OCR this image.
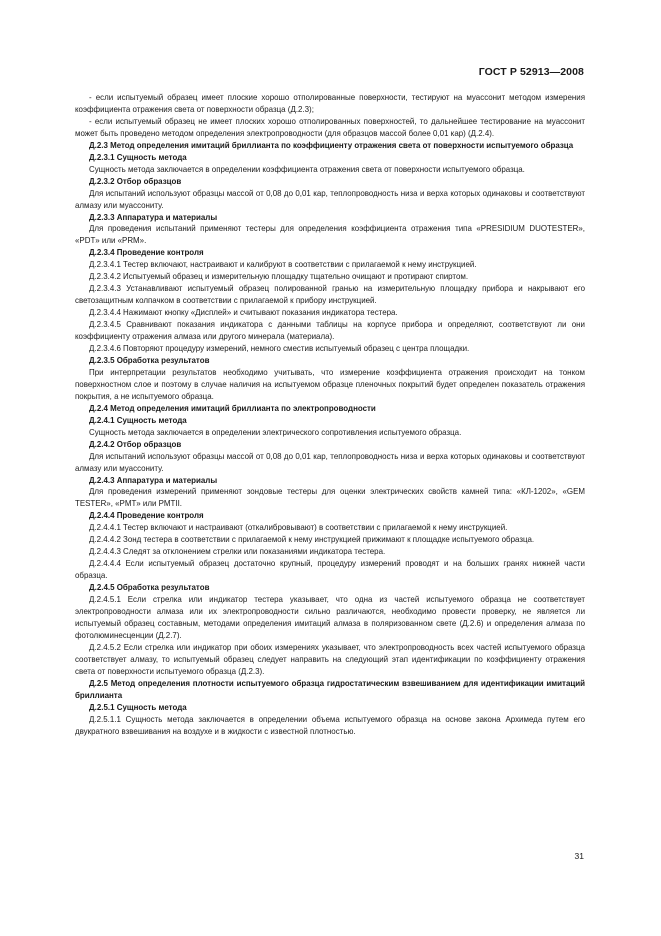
ГОСТ Р 52913—2008

- если испытуемый образец имеет плоские хорошо отполированные поверхности, тестируют на муассонит методом измерения коэффициента отражения света от поверхности образца (Д.2.3);

- если испытуемый образец не имеет плоских хорошо отполированных поверхностей, то дальнейшее тестирование на муассонит может быть проведено методом определения электропроводности (для образцов массой более 0,01 кар) (Д.2.4).

Д.2.3 Метод определения имитаций бриллианта по коэффициенту отражения света от поверхности испытуемого образца

Д.2.3.1 Сущность метода

Сущность метода заключается в определении коэффициента отражения света от поверхности испытуемого образца.

Д.2.3.2 Отбор образцов

Для испытаний используют образцы массой от 0,08 до 0,01 кар, теплопроводность низа и верха которых одинаковы и соответствуют алмазу или муассониту.

Д.2.3.3 Аппаратура и материалы

Для проведения испытаний применяют тестеры для определения коэффициента отражения типа «PRESIDIUM DUOTESTER», «PDT» или «PRM».

Д.2.3.4 Проведение контроля

Д.2.3.4.1 Тестер включают, настраивают и калибруют в соответствии с прилагаемой к нему инструкцией.

Д.2.3.4.2 Испытуемый образец и измерительную площадку тщательно очищают и протирают спиртом.

Д.2.3.4.3 Устанавливают испытуемый образец полированной гранью на измерительную площадку прибора и накрывают его светозащитным колпачком в соответствии с прилагаемой к прибору инструкцией.

Д.2.3.4.4 Нажимают кнопку «Дисплей» и считывают показания индикатора тестера.

Д.2.3.4.5 Сравнивают показания индикатора с данными таблицы на корпусе прибора и определяют, соответствуют ли они коэффициенту отражения алмаза или другого минерала (материала).

Д.2.3.4.6 Повторяют процедуру измерений, немного сместив испытуемый образец с центра площадки.

Д.2.3.5 Обработка результатов

При интерпретации результатов необходимо учитывать, что измерение коэффициента отражения происходит на тонком поверхностном слое и поэтому в случае наличия на испытуемом образце пленочных покрытий будет определен показатель отражения покрытия, а не испытуемого образца.

Д.2.4 Метод определения имитаций бриллианта по электропроводности

Д.2.4.1 Сущность метода

Сущность метода заключается в определении электрического сопротивления испытуемого образца.

Д.2.4.2 Отбор образцов

Для испытаний используют образцы массой от 0,08 до 0,01 кар, теплопроводность низа и верха которых одинаковы и соответствуют алмазу или муассониту.

Д.2.4.3 Аппаратура и материалы

Для проведения измерений применяют зондовые тестеры для оценки электрических свойств камней типа: «КЛ-1202», «GEM TESTER», «PMT» или PMTII.

Д.2.4.4 Проведение контроля

Д.2.4.4.1 Тестер включают и настраивают (откалибровывают) в соответствии с прилагаемой к нему инструкцией.

Д.2.4.4.2 Зонд тестера в соответствии с прилагаемой к нему инструкцией прижимают к площадке испытуемого образца.

Д.2.4.4.3 Следят за отклонением стрелки или показаниями индикатора тестера.

Д.2.4.4.4 Если испытуемый образец достаточно крупный, процедуру измерений проводят и на больших гранях нижней части образца.

Д.2.4.5 Обработка результатов

Д.2.4.5.1 Если стрелка или индикатор тестера указывает, что одна из частей испытуемого образца не соответствует электропроводности алмаза или их электропроводности сильно различаются, необходимо провести проверку, не является ли испытуемый образец составным, методами определения имитаций алмаза в поляризованном свете (Д.2.6) и определения алмаза по фотолюминесценции (Д.2.7).

Д.2.4.5.2 Если стрелка или индикатор при обоих измерениях указывает, что электропроводность всех частей испытуемого образца соответствует алмазу, то испытуемый образец следует направить на следующий этап идентификации по коэффициенту отражения света от поверхности испытуемого образца (Д.2.3).

Д.2.5 Метод определения плотности испытуемого образца гидростатическим взвешиванием для идентификации имитаций бриллианта

Д.2.5.1 Сущность метода

Д.2.5.1.1 Сущность метода заключается в определении объема испытуемого образца на основе закона Архимеда путем его двукратного взвешивания на воздухе и в жидкости с известной плотностью.

31
